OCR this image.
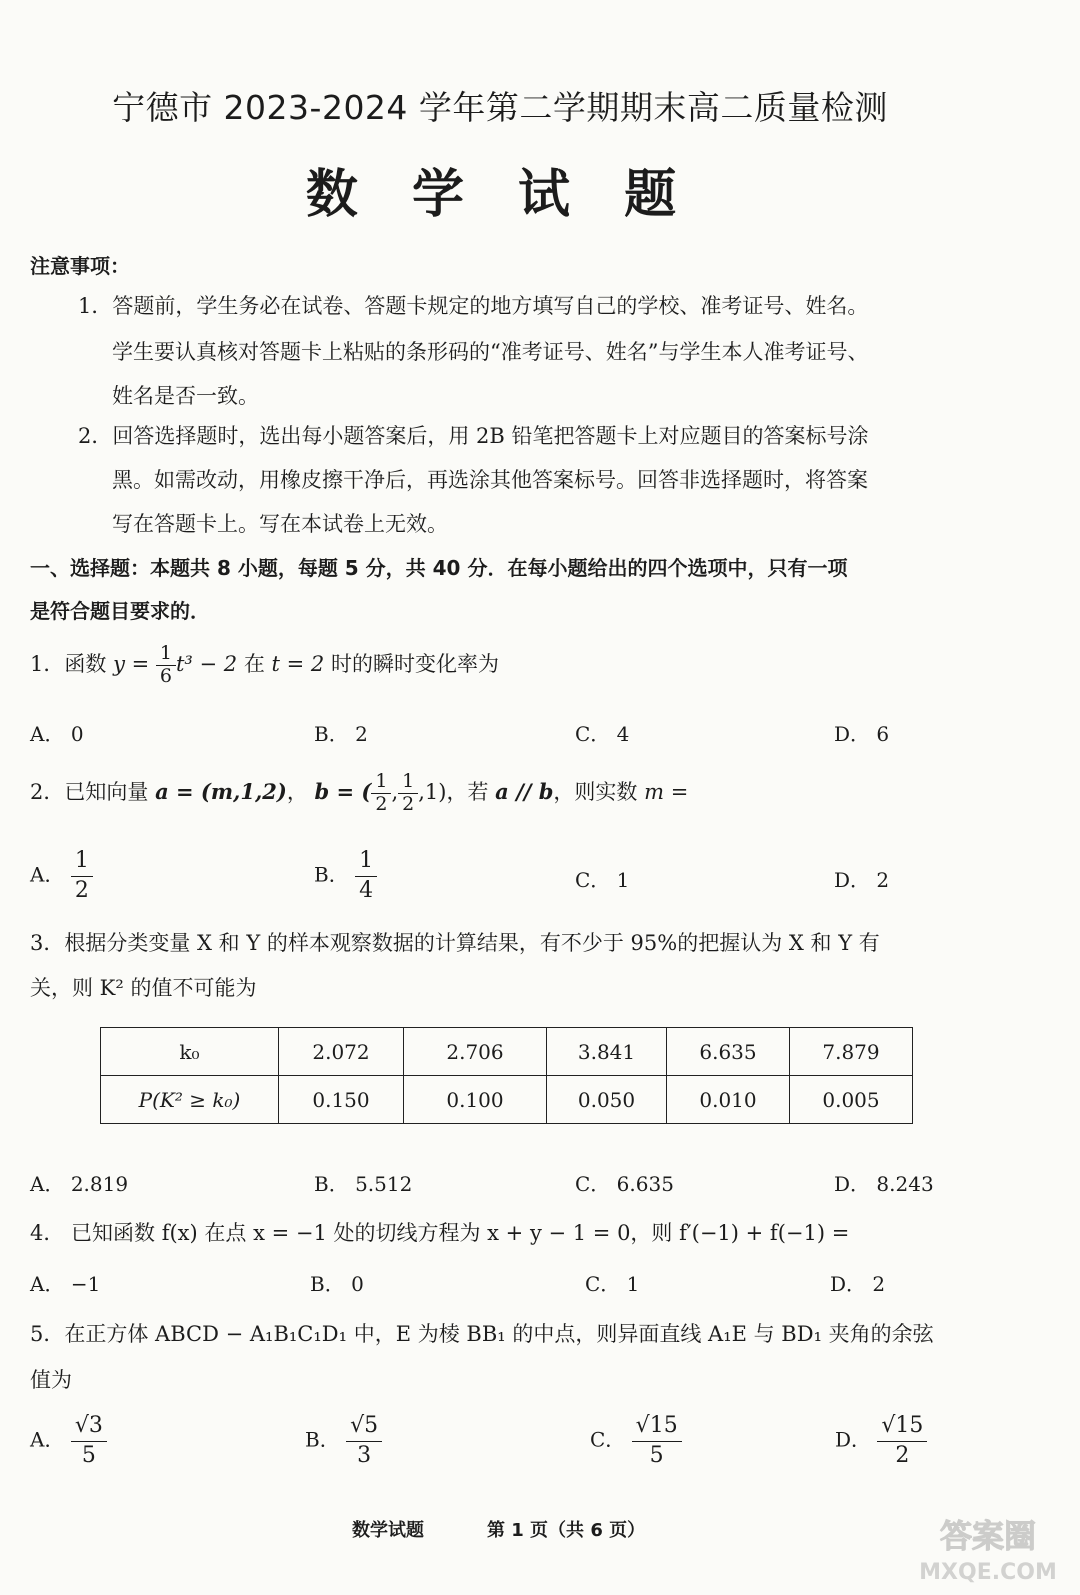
宁德市 2023-2024 学年第二学期期末高二质量检测
数 学 试 题
注意事项：
1．答题前，学生务必在试卷、答题卡规定的地方填写自己的学校、准考证号、姓名。
学生要认真核对答题卡上粘贴的条形码的“准考证号、姓名”与学生本人准考证号、
姓名是否一致。
2．回答选择题时，选出每小题答案后，用 2B 铅笔把答题卡上对应题目的答案标号涂
黑。如需改动，用橡皮擦干净后，再选涂其他答案标号。回答非选择题时，将答案
写在答题卡上。写在本试卷上无效。
一、选择题：本题共 8 小题，每题 5 分，共 40 分．在每小题给出的四个选项中，只有一项
是符合题目要求的．
1．函数 $y = \frac{1}{6} t^3 - 2$ 在 t = 2 时的瞬时变化率为
A． 0	B． 2	C． 4	D． 6
2．已知向量 a = (m,1,2)， b = ( $\frac{1}{2}$ , $\frac{1}{2} ,1$)，若 a // b，则实数 m =
A． $\frac{1}{2}$	B． $\frac{1}{4}$	C． 1	D． 2
3．根据分类变量 X 和 Y 的样本观察数据的计算结果，有不少于 95%的把握认为 X 和 Y 有
关，则 K² 的值不可能为
k₀	2.072	2.706	3.841	6.635	7.879
P(K² ≥ k₀)	0.150	0.100	0.050	0.010	0.005
A． 2.819	B． 5.512	C． 6.635	D． 8.243
4． 已知函数 f(x) 在点 x = −1 处的切线方程为 x + y − 1 = 0，则 f′(−1) + f(−1) =
A． −1	B． 0	C． 1	D． 2
5．在正方体 ABCD − A₁B₁C₁D₁ 中，E 为棱 BB₁ 的中点，则异面直线 A₁E 与 BD₁ 夹角的余弦
值为
A． $\frac{√3}{5}$	B． $\frac{√5}{3}$	C． $\frac{√15}{5}$	D． $\frac{√15}{2}$
数学试题	第 1 页（共 6 页）	答案圈
MXQE.COM
